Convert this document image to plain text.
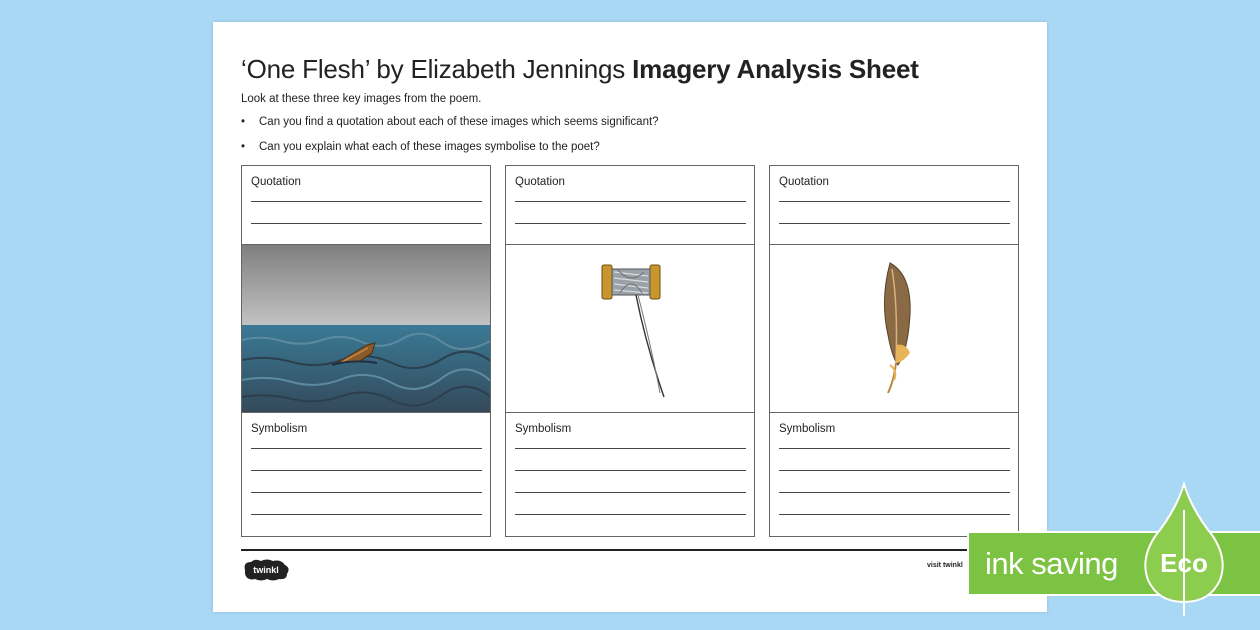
‘One Flesh’ by Elizabeth Jennings Imagery Analysis Sheet
Look at these three key images from the poem.
• Can you find a quotation about each of these images which seems significant?
• Can you explain what each of these images symbolise to the poet?
Quotation
Symbolism
Quotation
Symbolism
Quotation
Symbolism
twinkl	visit twinkl ink saving Eco
